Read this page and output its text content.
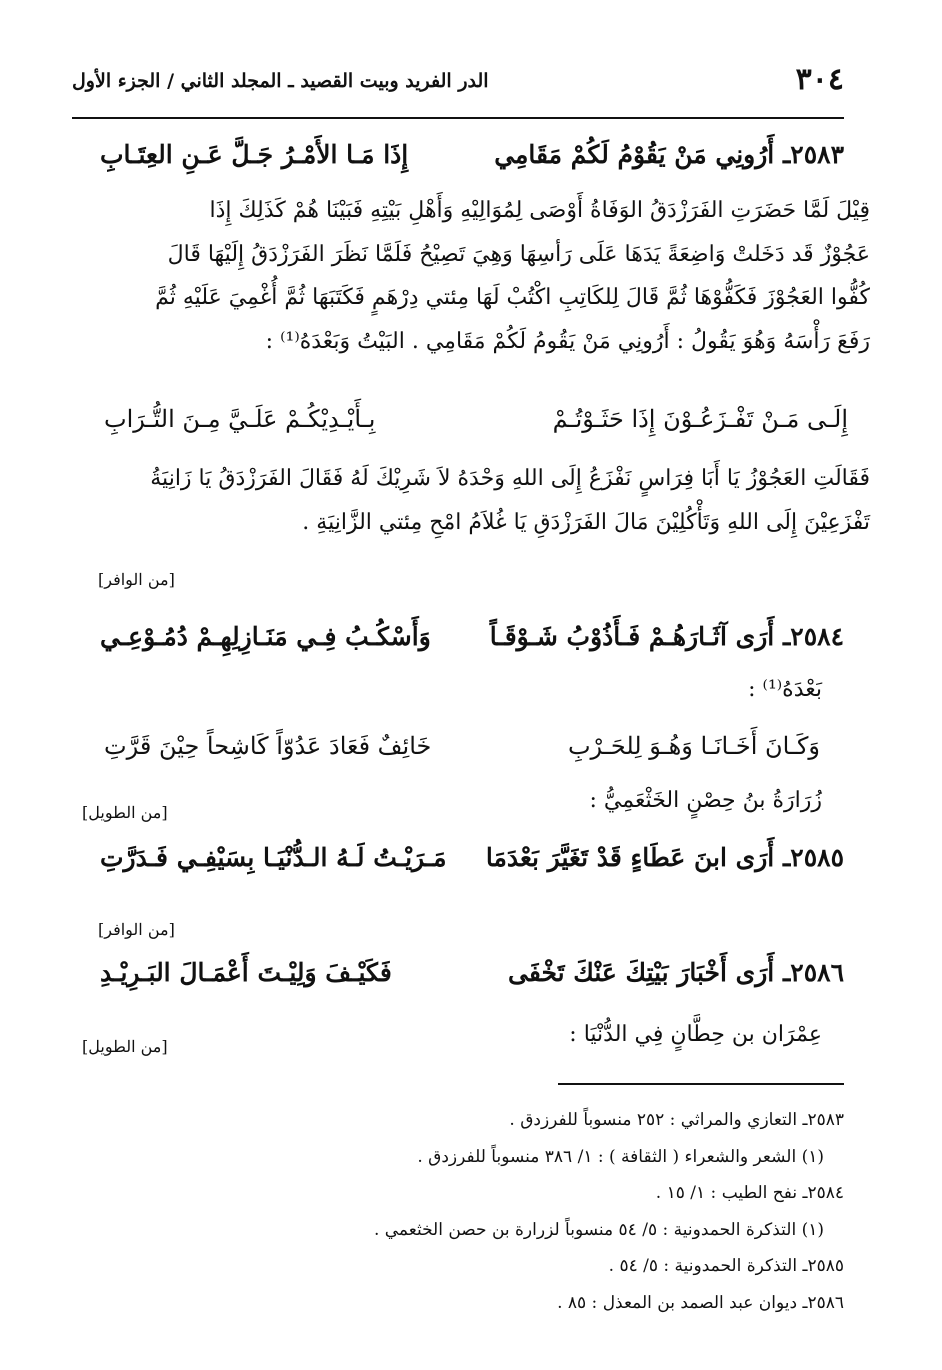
٣٠٤
الدر الفريد وبيت القصيد ـ المجلد الثاني / الجزء الأول
٢٥٨٣ـ أَرُونِي مَنْ يَقُوْمُ لَكُمْ مَقَامِي
إِذَا مَـا الأَمْـرُ جَـلَّ عَـنِ العِتَـابِ
قِيْلَ لَمَّا حَضَرَتِ الفَرَزْدَقُ الوَفَاةُ أَوْصَى لِمُوَالِيْهِ وَأَهْلِ بَيْتِهِ فَبَيْنَا هُمْ كَذَلِكَ إِذَا
عَجُوْزٌ قَد دَخَلتْ وَاضِعَةً يَدَهَا عَلَى رَأسِهَا وَهِيَ تَصِيْحُ فَلَمَّا نَظَرَ الفَرَزْدَقُ إِلَيْهَا قَالَ
كُفُّوا العَجُوْزَ فَكَفُّوْهَا ثُمَّ قَالَ لِلكَاتِبِ اكْتُبْ لَهَا مِئتي دِرْهَمٍ فَكَتَبَهَا ثُمَّ أُغْمِيَ عَلَيْهِ ثُمَّ
رَفَعَ رَأْسَهُ وَهُوَ يَقُولُ : أَرُونِي مَنْ يَقُومُ لَكُمْ مَقَامِي . البَيْتُ وَبَعْدَهُ⁽¹⁾ :
إِلَـى مَـنْ تَفْـزَعُـوْنَ إِذَا حَثَـوْتُـمْ
بِـأَيْـدِيْكُـمْ عَلَـيَّ مِـنَ التُّـرَابِ
فَقَالَتِ العَجُوْزُ يَا أَبَا فِرَاسٍ نَفْزَعُ إِلَى اللهِ وَحْدَهُ لاَ شَرِيْكَ لَهُ فَقَالَ الفَرَزْدَقُ يَا زَانِيَةُ
تَفْزَعِيْنَ إِلَى اللهِ وَتَأْكُلِيْنَ مَالَ الفَرَزْدَقِ يَا غُلاَمُ امْحِ مِئتي الزَّانِيَةِ .
[من الوافر]
٢٥٨٤ـ أَرَى آثَـارَهُـمْ فَـأَذُوْبُ شَـوْقَـاً
وَأَسْكُـبُ فِـي مَنَـازِلِهِـمْ دُمُـوْعِـي
بَعْدَهُ⁽¹⁾ :
وَكَـانَ أَخَـانَـا وَهُـوَ لِلحَـرْبِ
خَائِفٌ فَعَادَ عَدُوّاً كَاشِحاً حِيْنَ قَرَّتِ
زُرَارَةُ بنُ حِصْنٍ الخَثْعَمِيُّ :
[من الطويل]
٢٥٨٥ـ أَرَى ابنَ عَطَاءٍ قَدْ تَغَيَّرَ بَعْدَمَا
مَـرَيْـتُ لَـهُ الـدُّنْيَـا بِسَيْفِـي فَـدَرَّتِ
[من الوافر]
٢٥٨٦ـ أَرَى أَخْبَارَ بَيْتِكَ عَنْكَ تَخْفَى
فَكَيْـفَ وَلِيْـتَ أَعْمَـالَ البَـرِيْـدِ
عِمْرَان بن حِطَّانٍ فِي الدُّنْيَا :
[من الطويل]
٢٥٨٣ـ التعازي والمراثي : ٢٥٢ منسوباً للفرزدق .
(١) الشعر والشعراء ( الثقافة ) : ١/ ٣٨٦ منسوباً للفرزدق .
٢٥٨٤ـ نفح الطيب : ١/ ١٥ .
(١) التذكرة الحمدونية : ٥/ ٥٤ منسوباً لزرارة بن حصن الخثعمي .
٢٥٨٥ـ التذكرة الحمدونية : ٥/ ٥٤ .
٢٥٨٦ـ ديوان عبد الصمد بن المعذل : ٨٥ .
